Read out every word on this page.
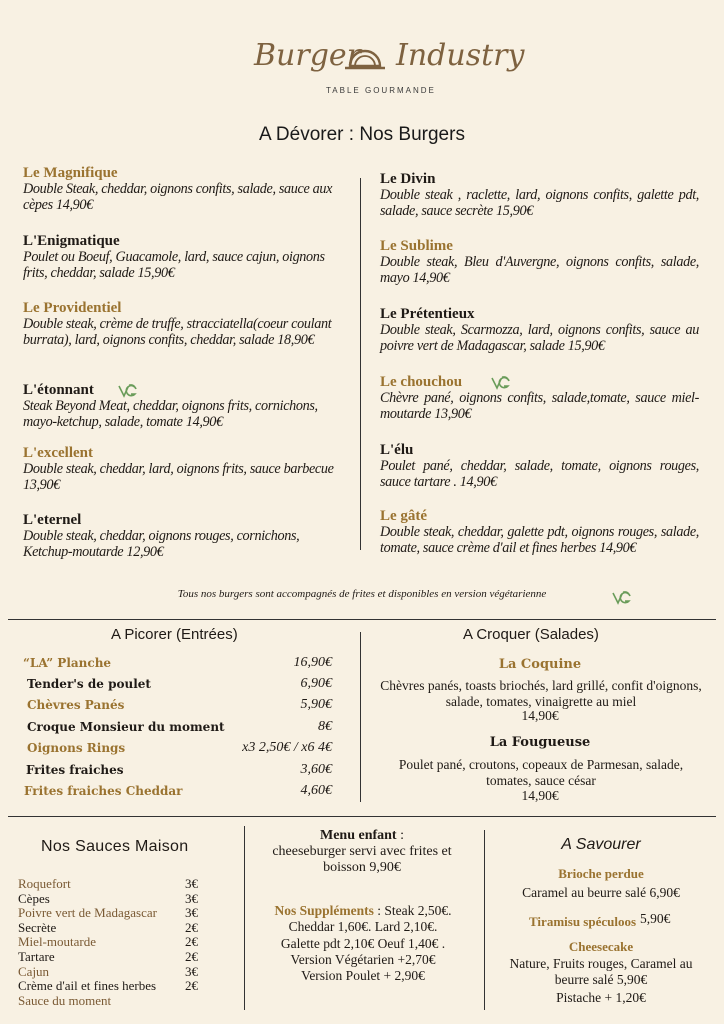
Burger Industry
TABLE GOURMANDE
A Dévorer : Nos Burgers
Le Magnifique
Double Steak, cheddar, oignons confits, salade, sauce aux cèpes 14,90€
L'Enigmatique
Poulet ou Boeuf, Guacamole, lard, sauce cajun, oignons frits, cheddar, salade 15,90€
Le Providentiel
Double steak, crème de truffe, stracciatella(coeur coulant burrata), lard, oignons confits, cheddar, salade 18,90€
L'étonnant
Steak Beyond Meat, cheddar, oignons frits, cornichons, mayo-ketchup, salade, tomate 14,90€
L'excellent
Double steak, cheddar, lard, oignons frits, sauce barbecue 13,90€
L'eternel
Double steak, cheddar, oignons rouges, cornichons, Ketchup-moutarde 12,90€
Le Divin
Double steak , raclette, lard, oignons confits, galette pdt, salade, sauce secrète 15,90€
Le Sublime
Double steak, Bleu d'Auvergne, oignons confits, salade, mayo 14,90€
Le Prétentieux
Double steak, Scarmozza, lard, oignons confits, sauce au poivre vert de Madagascar, salade 15,90€
Le chouchou
Chèvre pané, oignons confits, salade,tomate, sauce miel-moutarde 13,90€
L'élu
Poulet pané, cheddar, salade, tomate, oignons rouges, sauce tartare . 14,90€
Le gâté
Double steak, cheddar, galette pdt, oignons rouges, salade, tomate, sauce crème d'ail et fines herbes 14,90€
Tous nos burgers sont accompagnés de frites et disponibles en version végétarienne
A Picorer (Entrées)
“LA” Planche	16,90€
Tender's de poulet	6,90€
Chèvres Panés	5,90€
Croque Monsieur du moment	8€
Oignons Rings	x3 2,50€ / x6 4€
Frites fraiches	3,60€
Frites fraiches Cheddar	4,60€
A Croquer (Salades)
La Coquine
Chèvres panés, toasts briochés, lard grillé, confit d'oignons, salade, tomates, vinaigrette au miel
14,90€
La Fougueuse
Poulet pané, croutons, copeaux de Parmesan, salade, tomates, sauce césar
14,90€
Nos Sauces Maison
Roquefort	3€
Cèpes	3€
Poivre vert de Madagascar	3€
Secrète	2€
Miel-moutarde	2€
Tartare	2€
Cajun	3€
Crème d'ail et fines herbes	2€
Sauce du moment
Menu enfant :
cheeseburger servi avec frites et boisson 9,90€
Nos Suppléments : Steak 2,50€. Cheddar 1,60€. Lard 2,10€. Galette pdt 2,10€ Oeuf 1,40€ . Version Végétarien +2,70€
Version Poulet + 2,90€
A Savourer
Brioche perdue
Caramel au beurre salé 6,90€
Tiramisu spéculoos 5,90€
Cheesecake
Nature, Fruits rouges, Caramel au beurre salé 5,90€
Pistache + 1,20€
